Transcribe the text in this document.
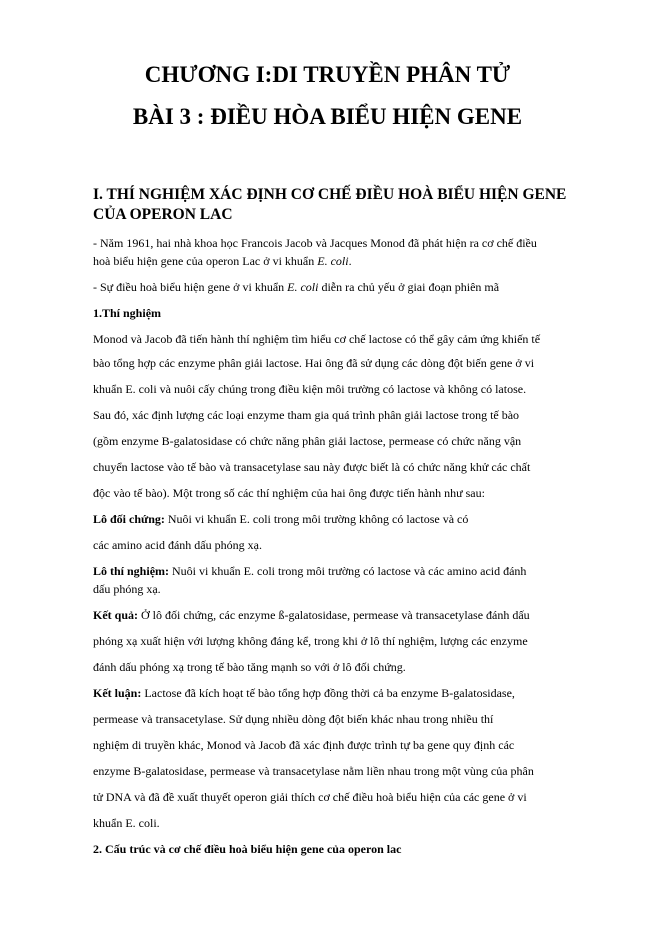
CHƯƠNG I:DI TRUYỀN PHÂN TỬ
BÀI 3 : ĐIỀU HÒA BIỂU HIỆN GENE
I. THÍ NGHIỆM XÁC ĐỊNH CƠ CHẾ ĐIỀU HOÀ BIỂU HIỆN GENE
CỦA OPERON LAC
- Năm 1961, hai nhà khoa học Francois Jacob và Jacques Monod đã phát hiện ra cơ chế điều
hoà biểu hiện gene của operon Lac ở vi khuẩn E. coli.
- Sự điều hoà biểu hiện gene ở vi khuẩn E. coli diễn ra chủ yếu ở giai đoạn phiên mã
1.Thí nghiệm
Monod và Jacob đã tiến hành thí nghiệm tìm hiểu cơ chế lactose có thể gây cảm ứng khiến tế
bào tổng hợp các enzyme phân giải lactose. Hai ông đã sử dụng các dòng đột biến gene ở vi
khuẩn E. coli và nuôi cấy chúng trong điều kiện môi trường có lactose và không có latose.
Sau đó, xác định lượng các loại enzyme tham gia quá trình phân giải lactose trong tế bào
(gồm enzyme B-galatosidase có chức năng phân giải lactose, permease có chức năng vận
chuyển lactose vào tế bào và transacetylase sau này được biết là có chức năng khử các chất
độc vào tế bào). Một trong số các thí nghiệm của hai ông được tiến hành như sau:
Lô đối chứng: Nuôi vi khuẩn E. coli trong môi trường không có lactose và có
các amino acid đánh dấu phóng xạ.
Lô thí nghiệm: Nuôi vi khuẩn E. coli trong môi trường có lactose và các amino acid đánh
dấu phóng xạ.
Kết quả: Ở lô đối chứng, các enzyme ß-galatosidase, permease và transacetylase đánh dấu
phóng xạ xuất hiện với lượng không đáng kể, trong khi ở lô thí nghiệm, lượng các enzyme
đánh dấu phóng xạ trong tế bào tăng mạnh so với ở lô đối chứng.
Kết luận: Lactose đã kích hoạt tế bào tổng hợp đồng thời cả ba enzyme B-galatosidase,
permease và transacetylase. Sử dụng nhiều dòng đột biến khác nhau trong nhiều thí
nghiệm di truyền khác, Monod và Jacob đã xác định được trình tự ba gene quy định các
enzyme B-galatosidase, permease và transacetylase nằm liền nhau trong một vùng của phân
tử DNA và đã đề xuất thuyết operon giải thích cơ chế điều hoà biểu hiện của các gene ở vi
khuẩn E. coli.
2. Cấu trúc và cơ chế điều hoà biểu hiện gene của operon lac
